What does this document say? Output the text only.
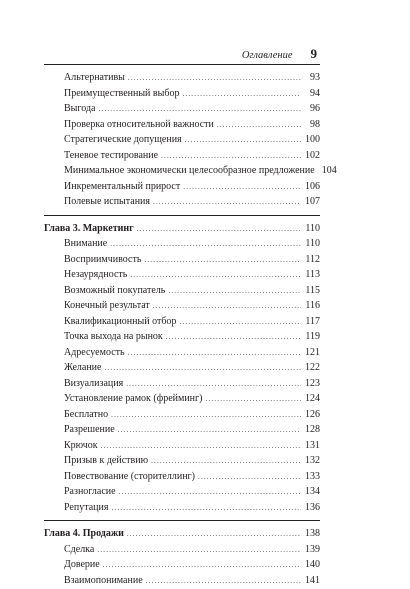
Оглавление 9
Альтернативы .....	93
Преимущественный выбор .....	94
Выгода .....	96
Проверка относительной важности .....	98
Стратегические допущения .....	100
Теневое тестирование .....	102
Минимальное экономически целесообразное предложение 104
Инкрементальный прирост .....	106
Полевые испытания .....	107
Глава 3. Маркетинг .....	110
Внимание .....	110
Восприимчивость .....	112
Незаурядность .....	113
Возможный покупатель .....	115
Конечный результат .....	116
Квалификационный отбор .....	117
Точка выхода на рынок .....	119
Адресуемость .....	121
Желание .....	122
Визуализация .....	123
Установление рамок (фрейминг) .....	124
Бесплатно .....	126
Разрешение .....	128
Крючок .....	131
Призыв к действию .....	132
Повествование (сторителлинг) .....	133
Разногласие .....	134
Репутация .....	136
Глава 4. Продажи .....	138
Сделка .....	139
Доверие .....	140
Взаимопонимание .....	141
